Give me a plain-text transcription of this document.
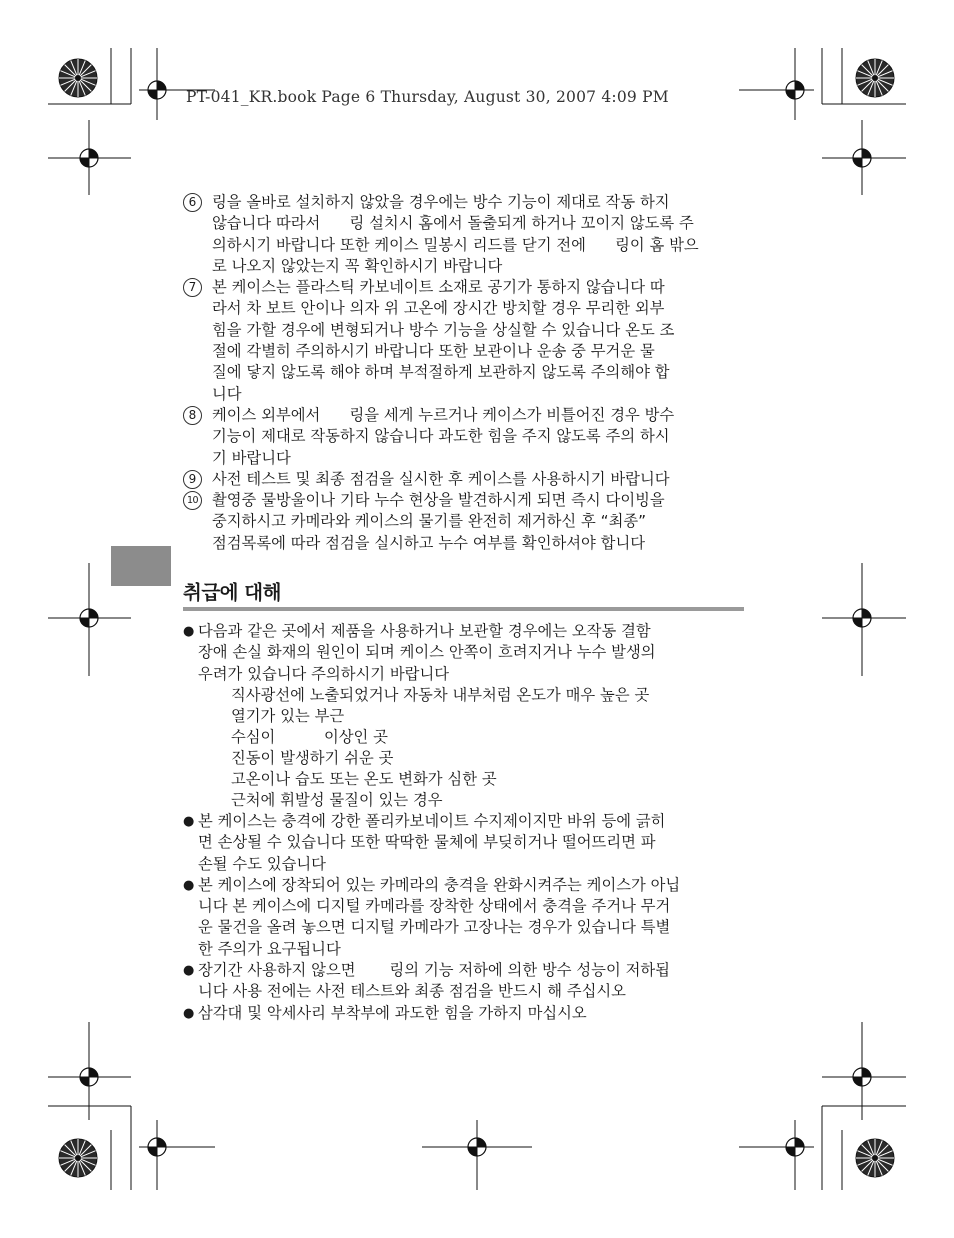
PT-041_KR.book Page 6 Thursday, August 30, 2007 4:09 PM
6	링을 올바로 설치하지 않았을 경우에는 방수 기능이 제대로 작동 하지

않습니다 따라서      링 설치시 홈에서 돌출되게 하거나 꼬이지 않도록 주

의하시기 바랍니다 또한 케이스 밀봉시 리드를 닫기 전에      링이 홈 밖으

로 나오지 않았는지 꼭 확인하시기 바랍니다

7	본 케이스는 플라스틱 카보네이트 소재로 공기가 통하지 않습니다 따

라서 차 보트 안이나 의자 위 고온에 장시간 방치할 경우 무리한 외부

힘을 가할 경우에 변형되거나 방수 기능을 상실할 수 있습니다 온도 조

절에 각별히 주의하시기 바랍니다 또한 보관이나 운송 중 무거운 물

질에 닿지 않도록 해야 하며 부적절하게 보관하지 않도록 주의해야 합

니다

8	케이스 외부에서      링을 세게 누르거나 케이스가 비틀어진 경우 방수

기능이 제대로 작동하지 않습니다 과도한 힘을 주지 않도록 주의 하시

기 바랍니다

9	사전 테스트 및 최종 점검을 실시한 후 케이스를 사용하시기 바랍니다

10 촬영중 물방울이나 기타 누수 현상을 발견하시게 되면 즉시 다이빙을

중지하시고 카메라와 케이스의 물기를 완전히 제거하신 후 “최종”

점검목록에 따라 점검을 실시하고 누수 여부를 확인하셔야 합니다

취급에 대해
● 다음과 같은 곳에서 제품을 사용하거나 보관할 경우에는 오작동 결함

장애 손실 화재의 원인이 되며 케이스 안쪽이 흐려지거나 누수 발생의

우려가 있습니다 주의하시기 바랍니다

직사광선에 노출되었거나 자동차 내부처럼 온도가 매우 높은 곳
열기가 있는 부근
수심이          이상인 곳
진동이 발생하기 쉬운 곳
고온이나 습도 또는 온도 변화가 심한 곳
근처에 휘발성 물질이 있는 경우
● 본 케이스는 충격에 강한 폴리카보네이트 수지제이지만 바위 등에 긁히

면 손상될 수 있습니다 또한 딱딱한 물체에 부딪히거나 떨어뜨리면 파

손될 수도 있습니다

● 본 케이스에 장착되어 있는 카메라의 충격을 완화시켜주는 케이스가 아닙

니다 본 케이스에 디지털 카메라를 장착한 상태에서 충격을 주거나 무거

운 물건을 올려 놓으면 디지털 카메라가 고장나는 경우가 있습니다 특별

한 주의가 요구됩니다

● 장기간 사용하지 않으면       링의 기능 저하에 의한 방수 성능이 저하됩

니다 사용 전에는 사전 테스트와 최종 점검을 반드시 해 주십시오

● 삼각대 및 악세사리 부착부에 과도한 힘을 가하지 마십시오
